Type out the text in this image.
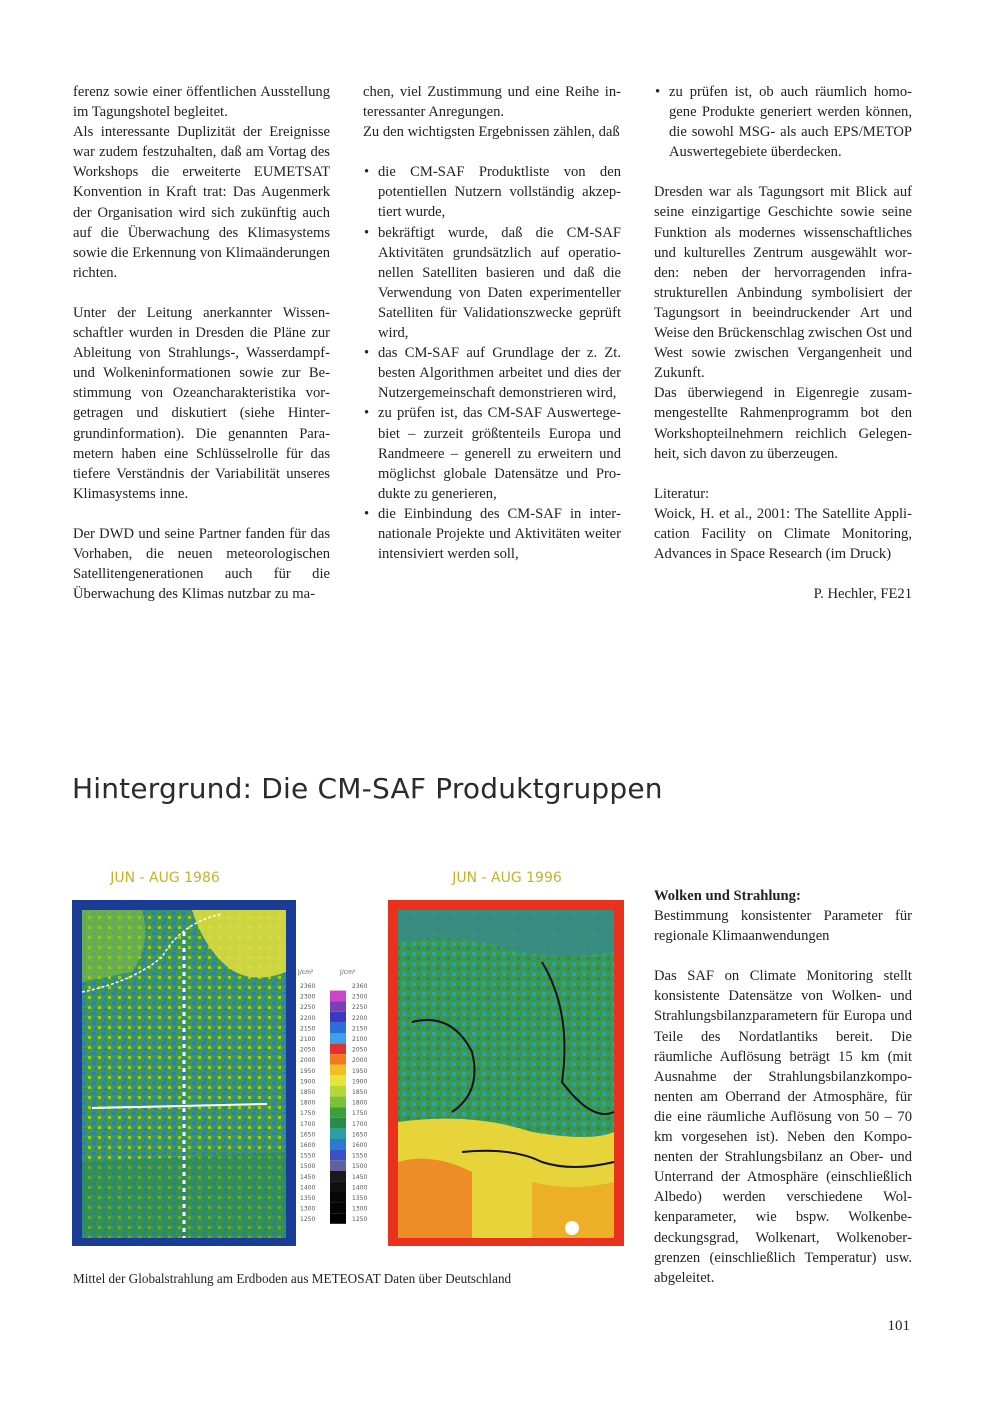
ferenz sowie einer öffentlichen Ausstellung im Tagungshotel begleitet.

Als interessante Duplizität der Ereignisse war zudem festzuhalten, daß am Vortag des Workshops die erweiterte EUMETSAT Konvention in Kraft trat: Das Augenmerk der Organisation wird sich zukünftig auch auf die Überwachung des Klimasystems sowie die Erkennung von Klimaänderungen richten.

Unter der Leitung anerkannter Wissenschaftler wurden in Dresden die Pläne zur Ableitung von Strahlungs-, Wasserdampf- und Wolkeninformationen sowie zur Bestimmung von Ozeancharakteristika vorgetragen und diskutiert (siehe Hintergrundinformation). Die genannten Parametern haben eine Schlüsselrolle für das tiefere Verständnis der Variabilität unseres Klimasystems inne.

Der DWD und seine Partner fanden für das Vorhaben, die neuen meteorologischen Satellitengenerationen auch für die Überwachung des Klimas nutzbar zu ma-

chen, viel Zustimmung und eine Reihe interessanter Anregungen.

Zu den wichtigsten Ergebnissen zählen, daß

• die CM-SAF Produktliste von den potentiellen Nutzern vollständig akzeptiert wurde,
• bekräftigt wurde, daß die CM-SAF Aktivitäten grundsätzlich auf operationellen Satelliten basieren und daß die Verwendung von Daten experimenteller Satelliten für Validationszwecke geprüft wird,
• das CM-SAF auf Grundlage der z. Zt. besten Algorithmen arbeitet und dies der Nutzergemeinschaft demonstrieren wird,
• zu prüfen ist, das CM-SAF Auswertegebiet – zurzeit größtenteils Europa und Randmeere – generell zu erweitern und möglichst globale Datensätze und Produkte zu generieren,
• die Einbindung des CM-SAF in internationale Projekte und Aktivitäten weiter intensiviert werden soll,
• zu prüfen ist, ob auch räumlich homogene Produkte generiert werden können, die sowohl MSG- als auch EPS/METOP Auswertegebiete überdecken.

Dresden war als Tagungsort mit Blick auf seine einzigartige Geschichte sowie seine Funktion als modernes wissenschaftliches und kulturelles Zentrum ausgewählt worden: neben der hervorragenden infrastrukturellen Anbindung symbolisiert der Tagungsort in beeindruckender Art und Weise den Brückenschlag zwischen Ost und West sowie zwischen Vergangenheit und Zukunft.

Das überwiegend in Eigenregie zusammengestellte Rahmenprogramm bot den Workshopteilnehmern reichlich Gelegenheit, sich davon zu überzeugen.

Literatur:

Woick, H. et al., 2001: The Satellite Application Facility on Climate Monitoring, Advances in Space Research (im Druck)

P. Hechler, FE21

Hintergrund: Die CM-SAF Produktgruppen
JUN - AUG 1986	JUN - AUG 1996
J/cm²	J/cm²
2360	2360
2300	2300
2250	2250
2200	2200
2150	2150
2100	2100
2050	2050
2000	2000
1950	1950
1900	1900
1850	1850
1800	1800
1750	1750
1700	1700
1650	1650
1600	1600
1550	1550
1500	1500
1450	1450
1400	1400
1350	1350
1300	1300
1250	1250
Mittel der Globalstrahlung am Erdboden aus METEOSAT Daten über Deutschland

Wolken und Strahlung:

Bestimmung konsistenter Parameter für regionale Klimaanwendungen

Das SAF on Climate Monitoring stellt konsistente Datensätze von Wolken- und Strahlungsbilanzparametern für Europa und Teile des Nordatlantiks bereit. Die räumliche Auflösung beträgt 15 km (mit Ausnahme der Strahlungsbilanzkomponenten am Oberrand der Atmosphäre, für die eine räumliche Auflösung von 50 – 70 km vorgesehen ist). Neben den Komponenten der Strahlungsbilanz an Ober- und Unterrand der Atmosphäre (einschließlich Albedo) werden verschiedene Wolkenparameter, wie bspw. Wolkenbedeckungsgrad, Wolkenart, Wolkenobergrenzen (einschließlich Temperatur) usw. abgeleitet.

101
